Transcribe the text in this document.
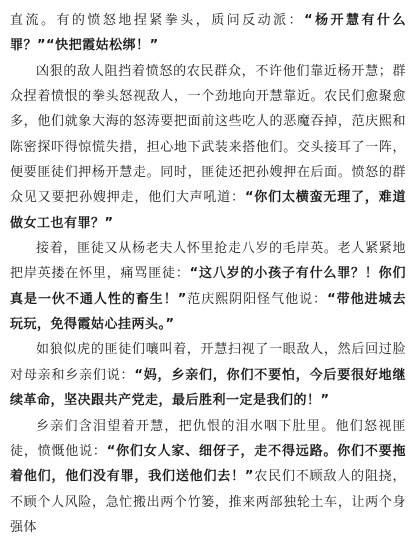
直流。有的愤怒地捏紧拳头，质问反动派：“杨开慧有什么罪？”“快把霞姑松绑！”

凶狠的敌人阻挡着愤怒的农民群众，不许他们靠近杨开慧；群众捏着愤恨的拳头怒视敌人，一个劲地向开慧靠近。农民们愈聚愈多，他们就象大海的怒涛要把面前这些吃人的恶魔吞掉，范庆熙和陈密探吓得惊慌失措，担心地下武装来搭他们。交头接耳了一阵，便要匪徒们押杨开慧走。同时，匪徒还把孙嫂押在后面。愤怒的群众见又要把孙嫂押走，他们大声吼道：“你们太横蛮无理了，难道做女工也有罪？”

接着，匪徒又从杨老夫人怀里抢走八岁的毛岸英。老人紧紧地把岸英搂在怀里，痛骂匪徒：“这八岁的小孩子有什么罪？！你们真是一伙不通人性的畜生！”范庆熙阴阳怪气他说：“带他进城去玩玩，免得霞姑心挂两头。”

如狼似虎的匪徒们嚷叫着，开慧扫视了一眼敌人，然后回过脸对母亲和乡亲们说：“妈，乡亲们，你们不要怕，今后要很好地继续革命，坚决跟共产党走，最后胜利一定是我们的！”

乡亲们含泪望着开慧，把仇恨的泪水咽下肚里。他们怒视匪徒，愤慨他说：“你们女人家、细伢子，走不得远路。你们不要拖着他们，他们没有罪，我们送他们去！”农民们不顾敌人的阻挠，不顾个人风险，急忙搬出两个竹篓，推来两部独轮土车，让两个身强体
